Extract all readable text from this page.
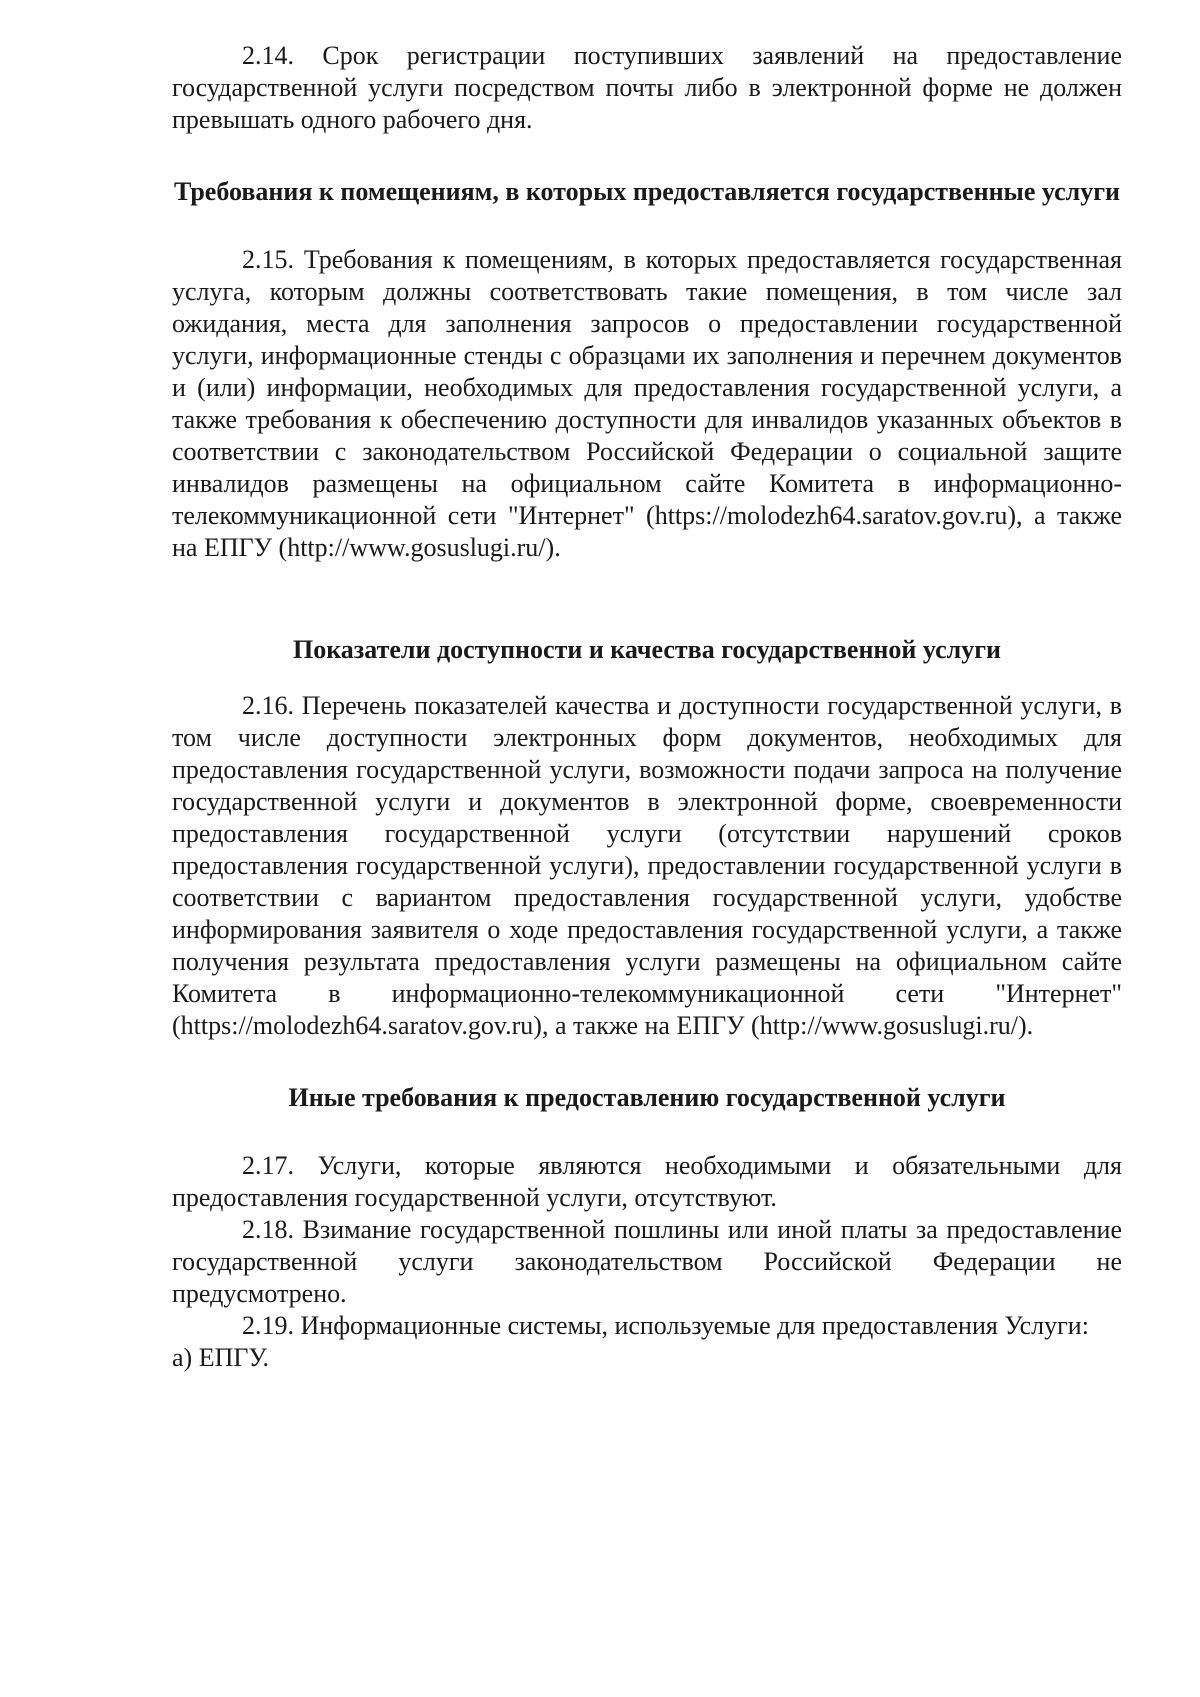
2.14. Срок регистрации поступивших заявлений на предоставление государственной услуги посредством почты либо в электронной форме не должен превышать одного рабочего дня.

Требования к помещениям, в которых предоставляется государственные услуги

2.15. Требования к помещениям, в которых предоставляется государственная услуга, которым должны соответствовать такие помещения, в том числе зал ожидания, места для заполнения запросов о предоставлении государственной услуги, информационные стенды с образцами их заполнения и перечнем документов и (или) информации, необходимых для предоставления государственной услуги, а также требования к обеспечению доступности для инвалидов указанных объектов в соответствии с законодательством Российской Федерации о социальной защите инвалидов размещены на официальном сайте Комитета в информационно-телекоммуникационной сети "Интернет" (https://molodezh64.saratov.gov.ru), а также на ЕПГУ (http://www.gosuslugi.ru/).

Показатели доступности и качества государственной услуги

2.16. Перечень показателей качества и доступности государственной услуги, в том числе доступности электронных форм документов, необходимых для предоставления государственной услуги, возможности подачи запроса на получение государственной услуги и документов в электронной форме, своевременности предоставления государственной услуги (отсутствии нарушений сроков предоставления государственной услуги), предоставлении государственной услуги в соответствии с вариантом предоставления государственной услуги, удобстве информирования заявителя о ходе предоставления государственной услуги, а также получения результата предоставления услуги размещены на официальном сайте Комитета в информационно-телекоммуникационной сети "Интернет" (https://molodezh64.saratov.gov.ru), а также на ЕПГУ (http://www.gosuslugi.ru/).

Иные требования к предоставлению государственной услуги

2.17. Услуги, которые являются необходимыми и обязательными для предоставления государственной услуги, отсутствуют.

2.18. Взимание государственной пошлины или иной платы за предоставление государственной услуги законодательством Российской Федерации не предусмотрено.

2.19. Информационные системы, используемые для предоставления Услуги:

а) ЕПГУ.
